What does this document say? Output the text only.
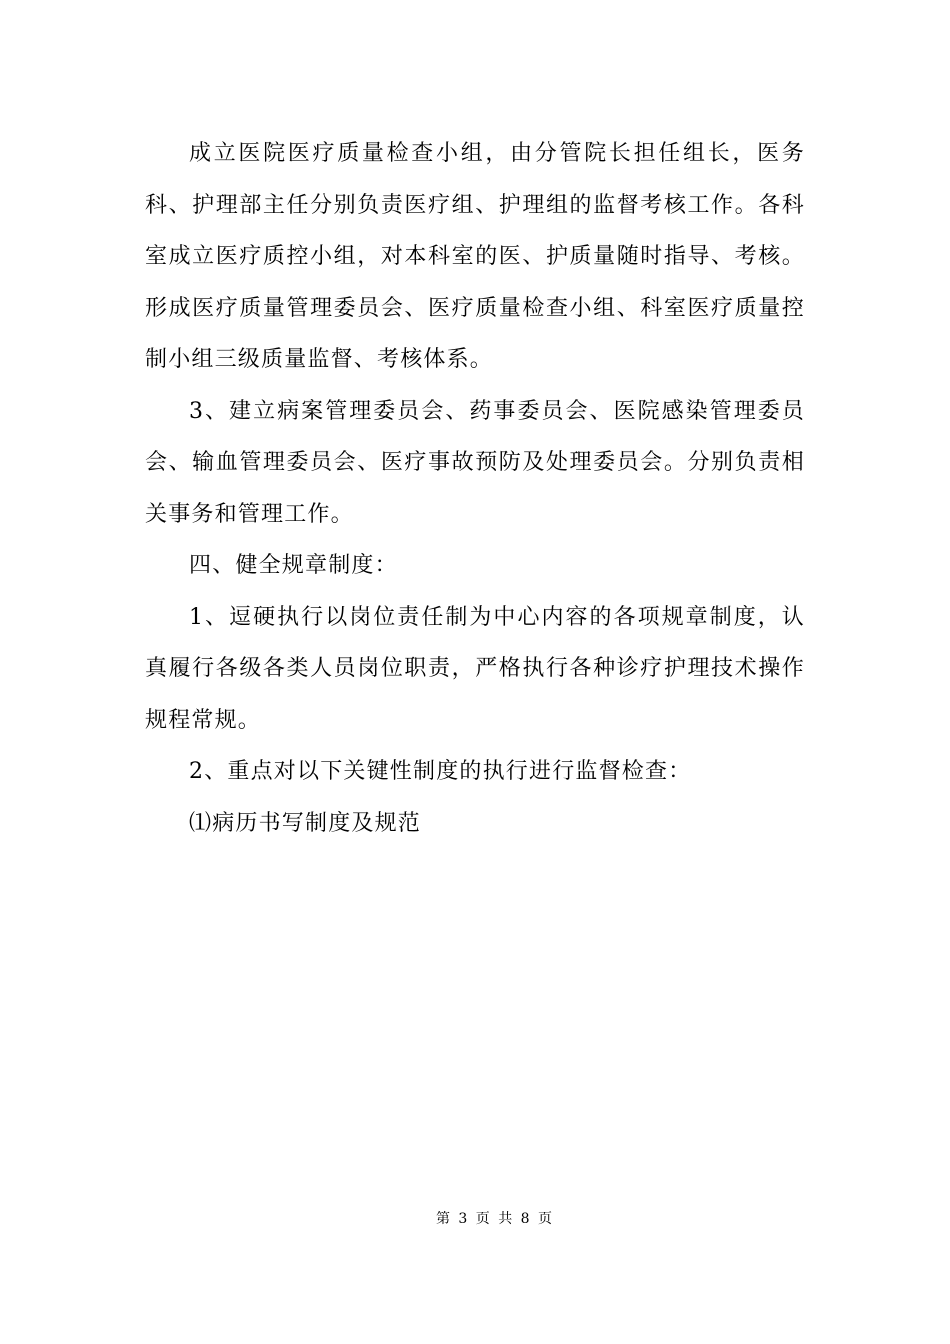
成立医院医疗质量检查小组，由分管院长担任组长，医务科、护理部主任分别负责医疗组、护理组的监督考核工作。各科室成立医疗质控小组，对本科室的医、护质量随时指导、考核。形成医疗质量管理委员会、医疗质量检查小组、科室医疗质量控制小组三级质量监督、考核体系。

3、建立病案管理委员会、药事委员会、医院感染管理委员会、输血管理委员会、医疗事故预防及处理委员会。分别负责相关事务和管理工作。

四、健全规章制度：

1、逗硬执行以岗位责任制为中心内容的各项规章制度，认真履行各级各类人员岗位职责，严格执行各种诊疗护理技术操作规程常规。

2、重点对以下关键性制度的执行进行监督检查：

⑴病历书写制度及规范

第 3 页 共 8 页
